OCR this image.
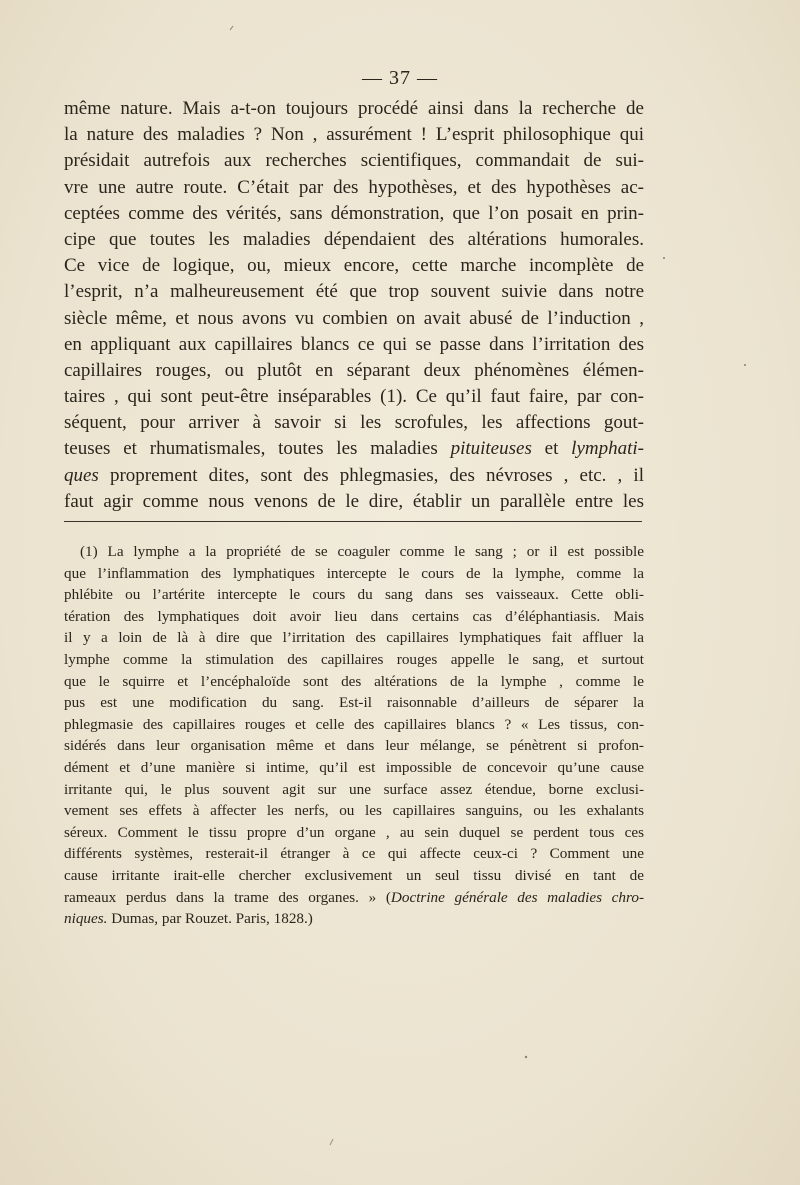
— 37 —
même nature. Mais a-t-on toujours procédé ainsi dans la recherche de
la nature des maladies ? Non , assurément ! L’esprit philosophique qui
présidait autrefois aux recherches scientifiques, commandait de sui-
vre une autre route. C’était par des hypothèses, et des hypothèses ac-
ceptées comme des vérités, sans démonstration, que l’on posait en prin-
cipe que toutes les maladies dépendaient des altérations humorales.
Ce vice de logique, ou, mieux encore, cette marche incomplète de
l’esprit, n’a malheureusement été que trop souvent suivie dans notre
siècle même, et nous avons vu combien on avait abusé de l’induction ,
en appliquant aux capillaires blancs ce qui se passe dans l’irritation des
capillaires rouges, ou plutôt en séparant deux phénomènes élémen-
taires , qui sont peut-être inséparables (1). Ce qu’il faut faire, par con-
séquent, pour arriver à savoir si les scrofules, les affections gout-
teuses et rhumatismales, toutes les maladies pituiteuses et lymphati-
ques proprement dites, sont des phlegmasies, des névroses , etc. , il
faut agir comme nous venons de le dire, établir un parallèle entre les
(1) La lymphe a la propriété de se coaguler comme le sang ; or il est possible
que l’inflammation des lymphatiques intercepte le cours de la lymphe, comme la
phlébite ou l’artérite intercepte le cours du sang dans ses vaisseaux. Cette obli-
tération des lymphatiques doit avoir lieu dans certains cas d’éléphantiasis. Mais
il y a loin de là à dire que l’irritation des capillaires lymphatiques fait affluer la
lymphe comme la stimulation des capillaires rouges appelle le sang, et surtout
que le squirre et l’encéphaloïde sont des altérations de la lymphe , comme le
pus est une modification du sang. Est-il raisonnable d’ailleurs de séparer la
phlegmasie des capillaires rouges et celle des capillaires blancs ? « Les tissus, con-
sidérés dans leur organisation même et dans leur mélange, se pénètrent si profon-
dément et d’une manière si intime, qu’il est impossible de concevoir qu’une cause
irritante qui, le plus souvent agit sur une surface assez étendue, borne exclusi-
vement ses effets à affecter les nerfs, ou les capillaires sanguins, ou les exhalants
séreux. Comment le tissu propre d’un organe , au sein duquel se perdent tous ces
différents systèmes, resterait-il étranger à ce qui affecte ceux-ci ? Comment une
cause irritante irait-elle chercher exclusivement un seul tissu divisé en tant de
rameaux perdus dans la trame des organes. » (Doctrine générale des maladies chro-
niques. Dumas, par Rouzet. Paris, 1828.)
